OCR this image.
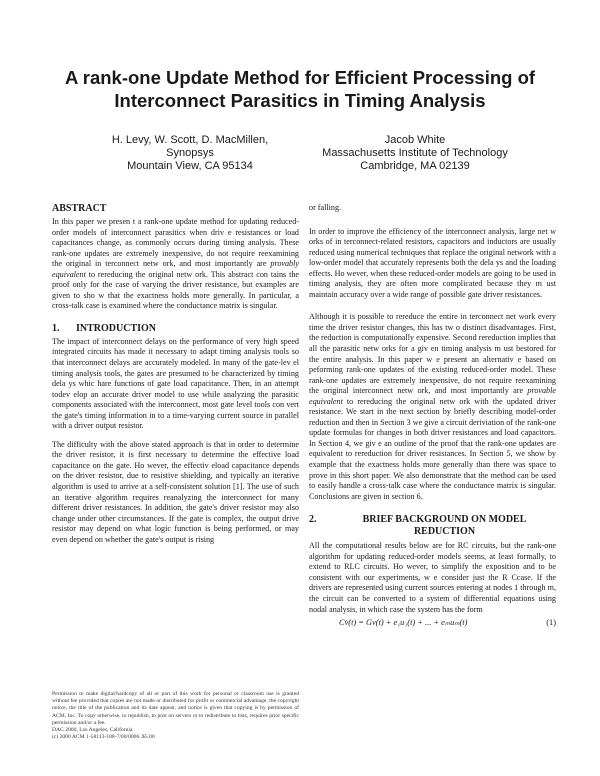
A rank-one Update Method for Efficient Processing of
Interconnect Parasitics in Timing Analysis
H. Levy, W. Scott, D. MacMillen,
Synopsys
Mountain View, CA 95134
Jacob White
Massachusetts Institute of Technology
Cambridge, MA 02139
ABSTRACT

In this paper we presen t a rank-one update method for updating reduced-order models of interconnect parasitics when driv e resistances or load capacitances change, as commonly occurs during timing analysis. These rank-one updates are extremely inexpensive, do not require reexamining the original in terconnect netw ork, and most importantly are provably equivalent to rereducing the original netw ork. This abstract con tains the proof only for the case of varying the driver resistance, but examples are given to sho w that the exactness holds more generally. In particular, a cross-talk case is examined where the conductance matrix is singular.

1. INTRODUCTION

The impact of interconnect delays on the performance of very high speed integrated circuits has made it necessary to adapt timing analysis tools so that interconnect delays are accurately modeled. In many of the gate-lev el timing analysis tools, the gates are presumed to be characterized by timing dela ys whic hare functions of gate load capacitance. Then, in an attempt todev elop an accurate driver model to use while analyzing the parasitic components associated with the interconnect, most gate level tools con vert the gate's timing information in to a time-varying current source in parallel with a driver output resistor.

The difficulty with the above stated approach is that in order to determine the driver resistor, it is first necessary to determine the effective load capacitance on the gate. Ho wever, the effectiv eload capacitance depends on the driver resistor, due to resistive shielding, and typically an iterative algorithm is used to arrive at a self-consistent solution [1]. The use of such an iterative algorithm requires reanalyzing the interconnect for many different driver resistances. In addition, the gate's driver resistor may also change under other circumstances. If the gate is complex, the output drive resistor may depend on what logic function is being performed, or may even depend on whether the gate's output is rising

Permission to make digital/hardcopy of all or part of this work for personal or classroom use is granted without fee provided that copies are not made or distributed for profit or commercial advantage, the copyright notice, the title of the publication and its date appear, and notice is given that copying is by permission of ACM, Inc. To copy otherwise, to republish, to post on servers or to redistribute to lists, requires prior specific permission and/or a fee.
DAC 2000, Los Angeles, California
(c) 2000 ACM 1-58113-188-7/00/0006..$5.00

or falling.

In order to improve the efficiency of the interconnect analysis, large net w orks of in terconnect-related resistors, capacitors and inductors are usually reduced using numerical techniques that replace the original network with a low-order model that accurately represents both the dela ys and the loading effects. Ho wever, when these reduced-order models are going to be used in timing analysis, they are often more complicated because they m ust maintain accuracy over a wide range of possible gate driver resistances.

Although it is possible to rereduce the entire in terconnect net work every time the driver resistor changes, this has tw o distinct disadvantages. First, the reduction is computationally expensive. Second rereduction implies that all the parasitic netw orks for a giv en timing analysis m ust bestored for the entire analysis. In this paper w e present an alternativ e based on peforming rank-one updates of the existing reduced-order model. These rank-one updates are extremely inexpensive, do not require reexamining the original interconnect netw ork, and most importantly are provable equivalent to rereducing the original netw ork with the updated driver resistance. We start in the next section by briefly describing model-order reduction and then in Section 3 we give a circuit deriviation of the rank-one update formulas for changes in both driver resistances and load capacitors. In Section 4, we giv e an outline of the proof that the rank-one updates are equivalent to rereduction for driver resistances. In Section 5, we show by example that the exactness holds more generally than there was space to prove in this short paper. We also demonstrate that the method can be used to easily handle a cross-talk case where the conductance matrix is singular. Conclusions are given in section 6.

2.	BRIEF BACKGROUND ON MODEL REDUCTION

All the computational results below are for RC circuits, but the rank-one algorithm for updating reduced-order models seems, at least formally, to extend to RLC circuits. Ho wever, to simplify the exposition and to be consistent with our experiments, w e consider just the R Ccase. If the drivers are represented using current sources entering at nodes 1 through m, the circuit can be converted to a system of differential equations using nodal analysis, in which case the system has the form

Cv̇(t) = Gv(t) + e₁u₁(t) + ... + eₘuₘ(t)	(1)
